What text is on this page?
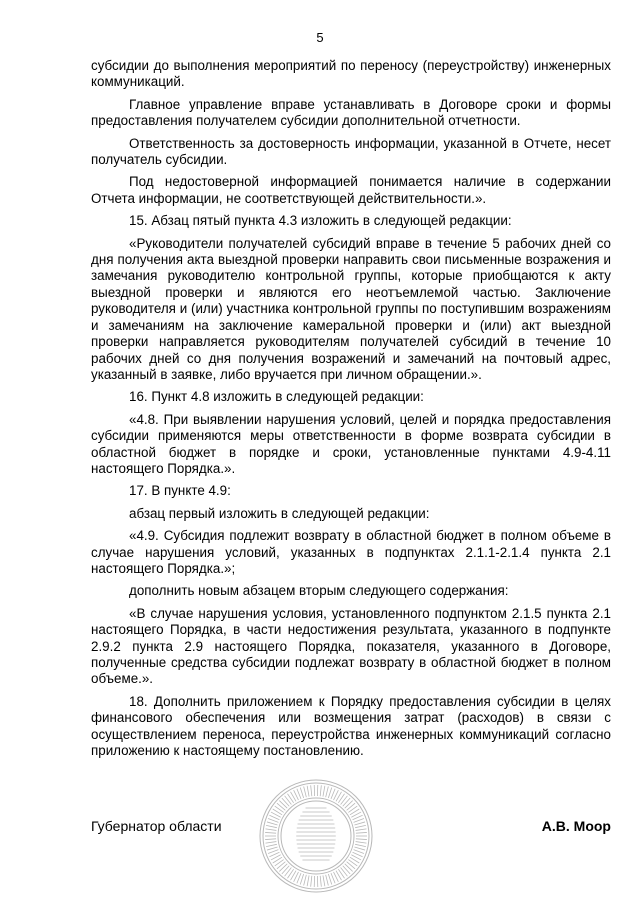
5

субсидии до выполнения мероприятий по переносу (переустройству) инженерных коммуникаций.

Главное управление вправе устанавливать в Договоре сроки и формы предоставления получателем субсидии дополнительной отчетности.

Ответственность за достоверность информации, указанной в Отчете, несет получатель субсидии.

Под недостоверной информацией понимается наличие в содержании Отчета информации, не соответствующей действительности.».

15. Абзац пятый пункта 4.3 изложить в следующей редакции:

«Руководители получателей субсидий вправе в течение 5 рабочих дней со дня получения акта выездной проверки направить свои письменные возражения и замечания руководителю контрольной группы, которые приобщаются к акту выездной проверки и являются его неотъемлемой частью. Заключение руководителя и (или) участника контрольной группы по поступившим возражениям и замечаниям на заключение камеральной проверки и (или) акт выездной проверки направляется руководителям получателей субсидий в течение 10 рабочих дней со дня получения возражений и замечаний на почтовый адрес, указанный в заявке, либо вручается при личном обращении.».

16. Пункт 4.8 изложить в следующей редакции:

«4.8. При выявлении нарушения условий, целей и порядка предоставления субсидии применяются меры ответственности в форме возврата субсидии в областной бюджет в порядке и сроки, установленные пунктами 4.9-4.11 настоящего Порядка.».

17. В пункте 4.9:

абзац первый изложить в следующей редакции:

«4.9. Субсидия подлежит возврату в областной бюджет в полном объеме в случае нарушения условий, указанных в подпунктах 2.1.1-2.1.4 пункта 2.1 настоящего Порядка.»;

дополнить новым абзацем вторым следующего содержания:

«В случае нарушения условия, установленного подпунктом 2.1.5 пункта 2.1 настоящего Порядка, в части недостижения результата, указанного в подпункте 2.9.2 пункта 2.9 настоящего Порядка, показателя, указанного в Договоре, полученные средства субсидии подлежат возврату в областной бюджет в полном объеме.».

18. Дополнить приложением к Порядку предоставления субсидии в целях финансового обеспечения или возмещения затрат (расходов) в связи с осуществлением переноса, переустройства инженерных коммуникаций согласно приложению к настоящему постановлению.

Губернатор области	А.В. Моор
